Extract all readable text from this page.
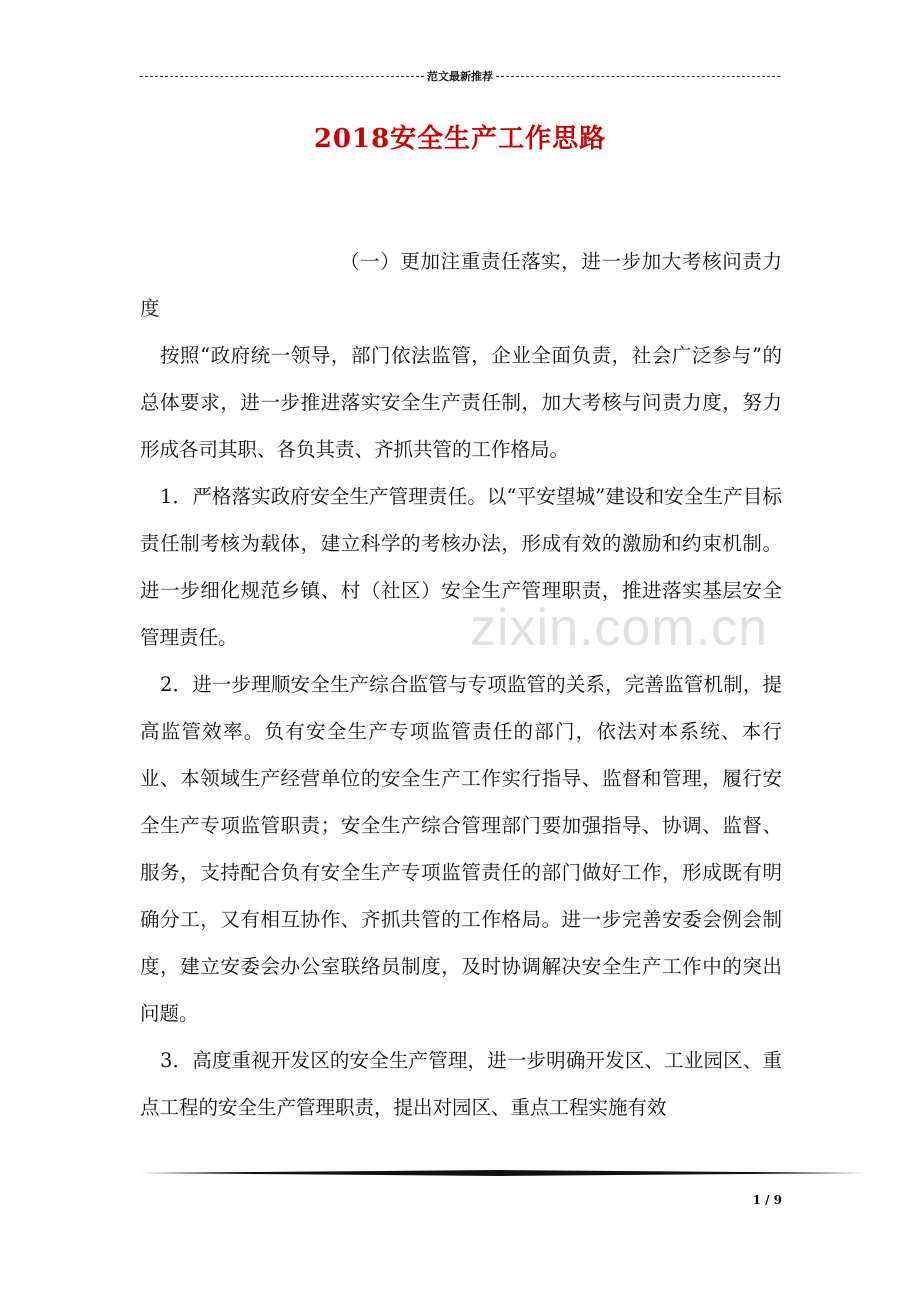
范文最新推荐
2018安全生产工作思路

（一）更加注重责任落实，进一步加大考核问责力度

按照“政府统一领导，部门依法监管，企业全面负责，社会广泛参与”的总体要求，进一步推进落实安全生产责任制，加大考核与问责力度，努力形成各司其职、各负其责、齐抓共管的工作格局。

1．严格落实政府安全生产管理责任。以“平安望城”建设和安全生产目标责任制考核为载体，建立科学的考核办法，形成有效的激励和约束机制。进一步细化规范乡镇、村（社区）安全生产管理职责，推进落实基层安全管理责任。

2．进一步理顺安全生产综合监管与专项监管的关系，完善监管机制，提高监管效率。负有安全生产专项监管责任的部门，依法对本系统、本行业、本领域生产经营单位的安全生产工作实行指导、监督和管理，履行安全生产专项监管职责；安全生产综合管理部门要加强指导、协调、监督、服务，支持配合负有安全生产专项监管责任的部门做好工作，形成既有明确分工，又有相互协作、齐抓共管的工作格局。进一步完善安委会例会制度，建立安委会办公室联络员制度，及时协调解决安全生产工作中的突出问题。

3．高度重视开发区的安全生产管理，进一步明确开发区、工业园区、重点工程的安全生产管理职责，提出对园区、重点工程实施有效

zixin.com.cn
1 / 9
